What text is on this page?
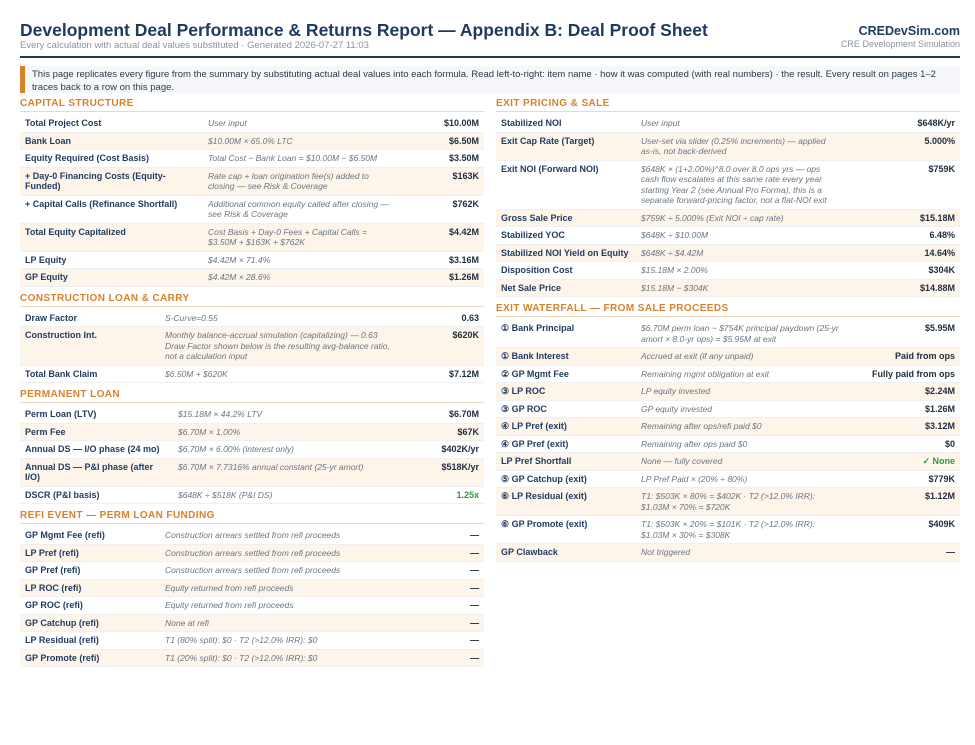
Development Deal Performance & Returns Report — Appendix B: Deal Proof Sheet
Every calculation with actual deal values substituted · Generated 2026-07-27 11:03
CREDevSim.com
CRE Development Simulation
This page replicates every figure from the summary by substituting actual deal values into each formula. Read left-to-right: item name · how it was computed (with real numbers) · the result. Every result on pages 1–2 traces back to a row on this page.
CAPITAL STRUCTURE
Total Project Cost	User input	$10.00M
Bank Loan	$10.00M × 65.0% LTC	$6.50M
Equity Required (Cost Basis)	Total Cost − Bank Loan = $10.00M − $6.50M	$3.50M
+ Day-0 Financing Costs (Equity-Funded)	Rate cap + loan origination fee(s) added to closing — see Risk & Coverage	$163K
+ Capital Calls (Refinance Shortfall)	Additional common equity called after closing — see Risk & Coverage	$762K
Total Equity Capitalized	Cost Basis + Day-0 Fees + Capital Calls = $3.50M + $163K + $762K	$4.42M
LP Equity	$4.42M × 71.4%	$3.16M
GP Equity	$4.42M × 28.6%	$1.26M
CONSTRUCTION LOAN & CARRY
Draw Factor	S-Curve=0.55	0.63
Construction Int.	Monthly balance-accrual simulation (capitalizing) — 0.63 Draw Factor shown below is the resulting avg-balance ratio, not a calculation input	$620K
Total Bank Claim	$6.50M + $620K	$7.12M
PERMANENT LOAN
Perm Loan (LTV)	$15.18M × 44.2% LTV	$6.70M
Perm Fee	$6.70M × 1.00%	$67K
Annual DS — I/O phase (24 mo)	$6.70M × 6.00% (interest only)	$402K/yr
Annual DS — P&I phase (after I/O)	$6.70M × 7.7316% annual constant (25-yr amort)	$518K/yr
DSCR (P&I basis)	$648K ÷ $518K (P&I DS)	1.25x
REFI EVENT — PERM LOAN FUNDING
GP Mgmt Fee (refi)	Construction arrears settled from refi proceeds	—
LP Pref (refi)	Construction arrears settled from refi proceeds	—
GP Pref (refi)	Construction arrears settled from refi proceeds	—
LP ROC (refi)	Equity returned from refi proceeds	—
GP ROC (refi)	Equity returned from refi proceeds	—
GP Catchup (refi)	None at refi	—
LP Residual (refi)	T1 (80% split): $0 · T2 (>12.0% IRR): $0	—
GP Promote (refi)	T1 (20% split): $0 · T2 (>12.0% IRR): $0	—
EXIT PRICING & SALE
Stabilized NOI	User input	$648K/yr
Exit Cap Rate (Target)	User-set via slider (0.25% increments) — applied as-is, not back-derived	5.000%
Exit NOI (Forward NOI)	$648K × (1+2.00%)^8.0 over 8.0 ops yrs — ops cash flow escalates at this same rate every year starting Year 2 (see Annual Pro Forma), this is a separate forward-pricing factor, not a flat-NOI exit	$759K
Gross Sale Price	$759K ÷ 5.000% (Exit NOI ÷ cap rate)	$15.18M
Stabilized YOC	$648K ÷ $10.00M	6.48%
Stabilized NOI Yield on Equity	$648K ÷ $4.42M	14.64%
Disposition Cost	$15.18M × 2.00%	$304K
Net Sale Price	$15.18M − $304K	$14.88M
EXIT WATERFALL — FROM SALE PROCEEDS
① Bank Principal	$6.70M perm loan − $754K principal paydown (25-yr amort × 8.0-yr ops) = $5.95M at exit	$5.95M
① Bank Interest	Accrued at exit (if any unpaid)	Paid from ops
② GP Mgmt Fee	Remaining mgmt obligation at exit	Fully paid from ops
③ LP ROC	LP equity invested	$2.24M
③ GP ROC	GP equity invested	$1.26M
④ LP Pref (exit)	Remaining after ops/refi paid $0	$3.12M
④ GP Pref (exit)	Remaining after ops paid $0	$0
LP Pref Shortfall	None — fully covered	✓ None
⑤ GP Catchup (exit)	LP Pref Paid × (20% ÷ 80%)	$779K
⑥ LP Residual (exit)	T1: $503K × 80% = $402K · T2 (>12.0% IRR): $1.03M × 70% = $720K	$1.12M
⑥ GP Promote (exit)	T1: $503K × 20% = $101K · T2 (>12.0% IRR): $1.03M × 30% = $308K	$409K
GP Clawback	Not triggered	—
